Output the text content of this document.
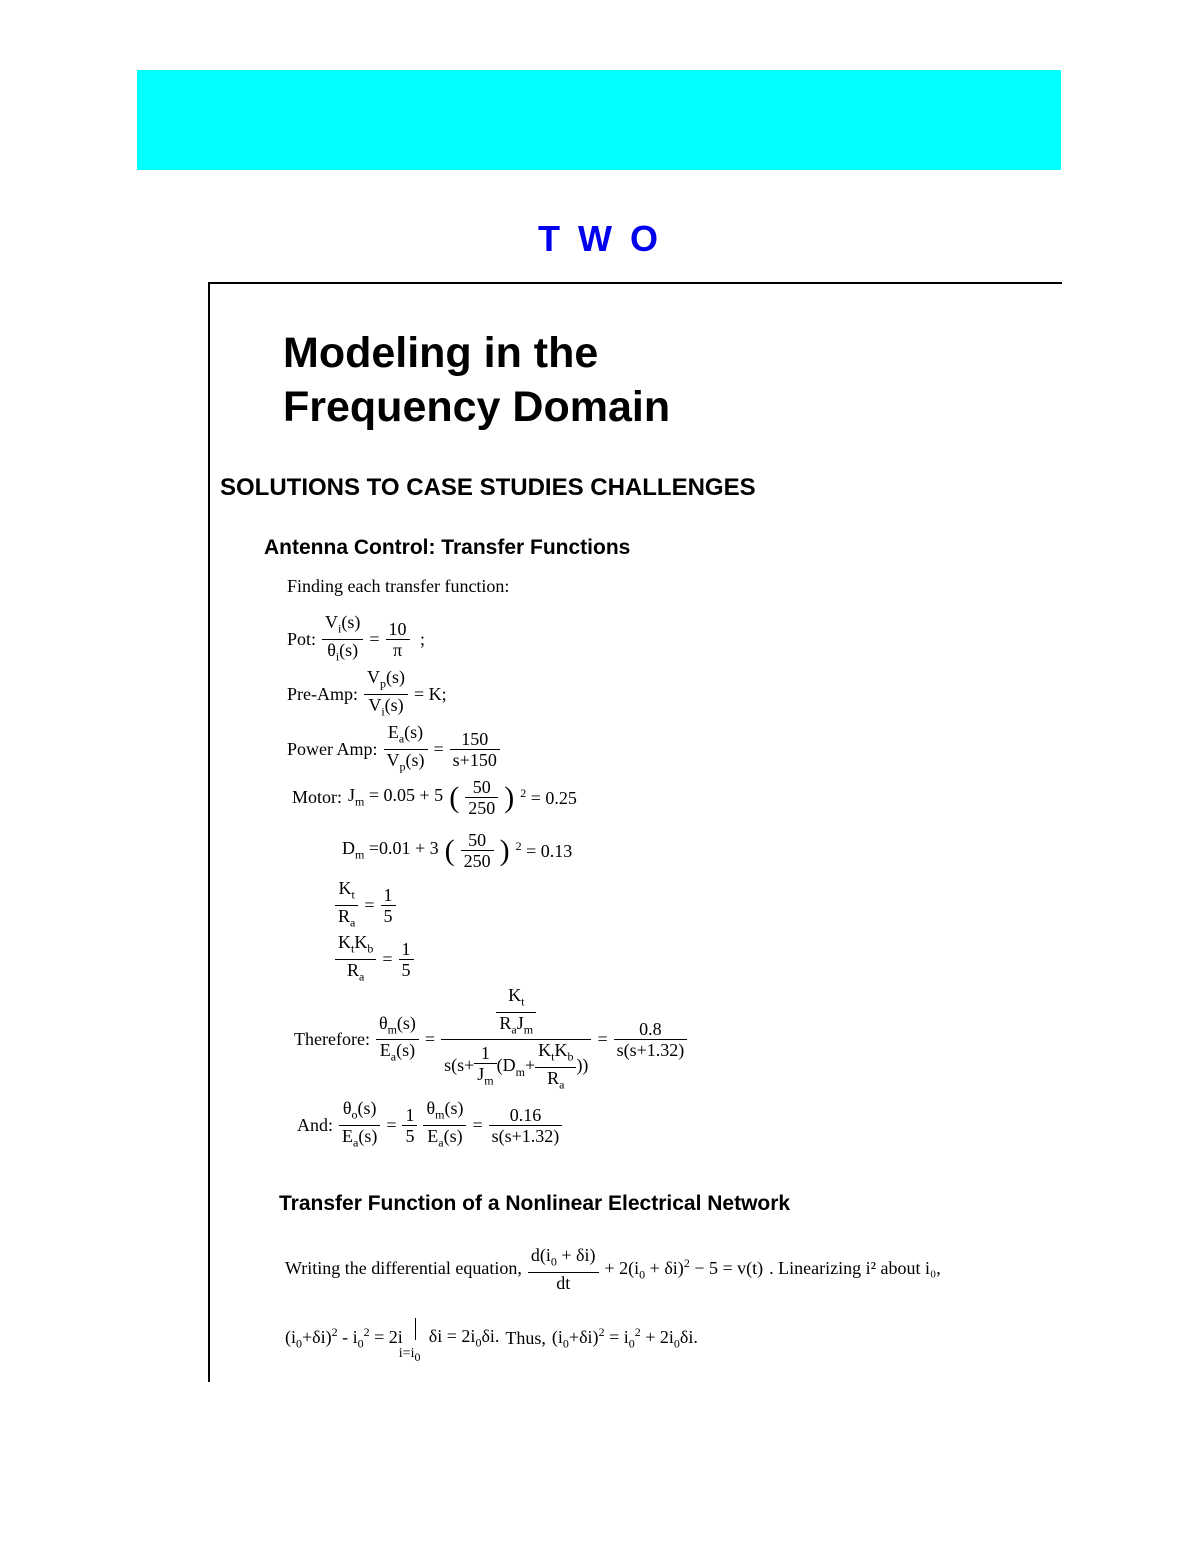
T W O
Modeling in the
Frequency Domain
SOLUTIONS TO CASE STUDIES CHALLENGES
Antenna Control: Transfer Functions
Finding each transfer function:
Pot: $\frac{V_i(s)}{\theta_i(s)} = \frac{10}{\pi}$ ;
Pre-Amp: $\frac{V_p(s)}{V_i(s)} = K$;
Power Amp: $\frac{E_a(s)}{V_p(s)} = \frac{150}{s+150}$
Motor: $J_m = 0.05 + 5$ ( $\frac{50}{250}$ ) $^2$ = 0.25
$D_m =0.01 + 3$ ( $\frac{50}{250}$ ) $^2$ = 0.13
$\frac{K_t}{R_a} = \frac{1}{5}$
$\frac{K_tK_b}{R_a} = \frac{1}{5}$
Therefore: $\frac{\theta_m(s)}{E_a(s)} = \frac{\frac{K_t}{R_aJ_m}}{s(s+ \frac{1}{J_m} (D_m+ \frac{K_tK_b}{R_a} ))} = \frac{0.8}{s(s+1.32)}$
And: $\frac{\theta_o(s)}{E_a(s)} = \frac{1}{5} \frac{\theta_m(s)}{E_a(s)} = \frac{0.16}{s(s+1.32)}$
Transfer Function of a Nonlinear Electrical Network
Writing the differential equation, $\frac{d(i_0 + \delta i)}{dt} + 2(i_0 + \delta i)^2 - 5 = v(t)$ . Linearizing i² about i₀,
$(i_0+\delta i)^2 - i_0^2 = 2i$
$i=i_0$
$\delta i = 2i_0\delta i$. Thus, $(i_0+\delta i)^2 = i_0^2 + 2i_0\delta i$.
